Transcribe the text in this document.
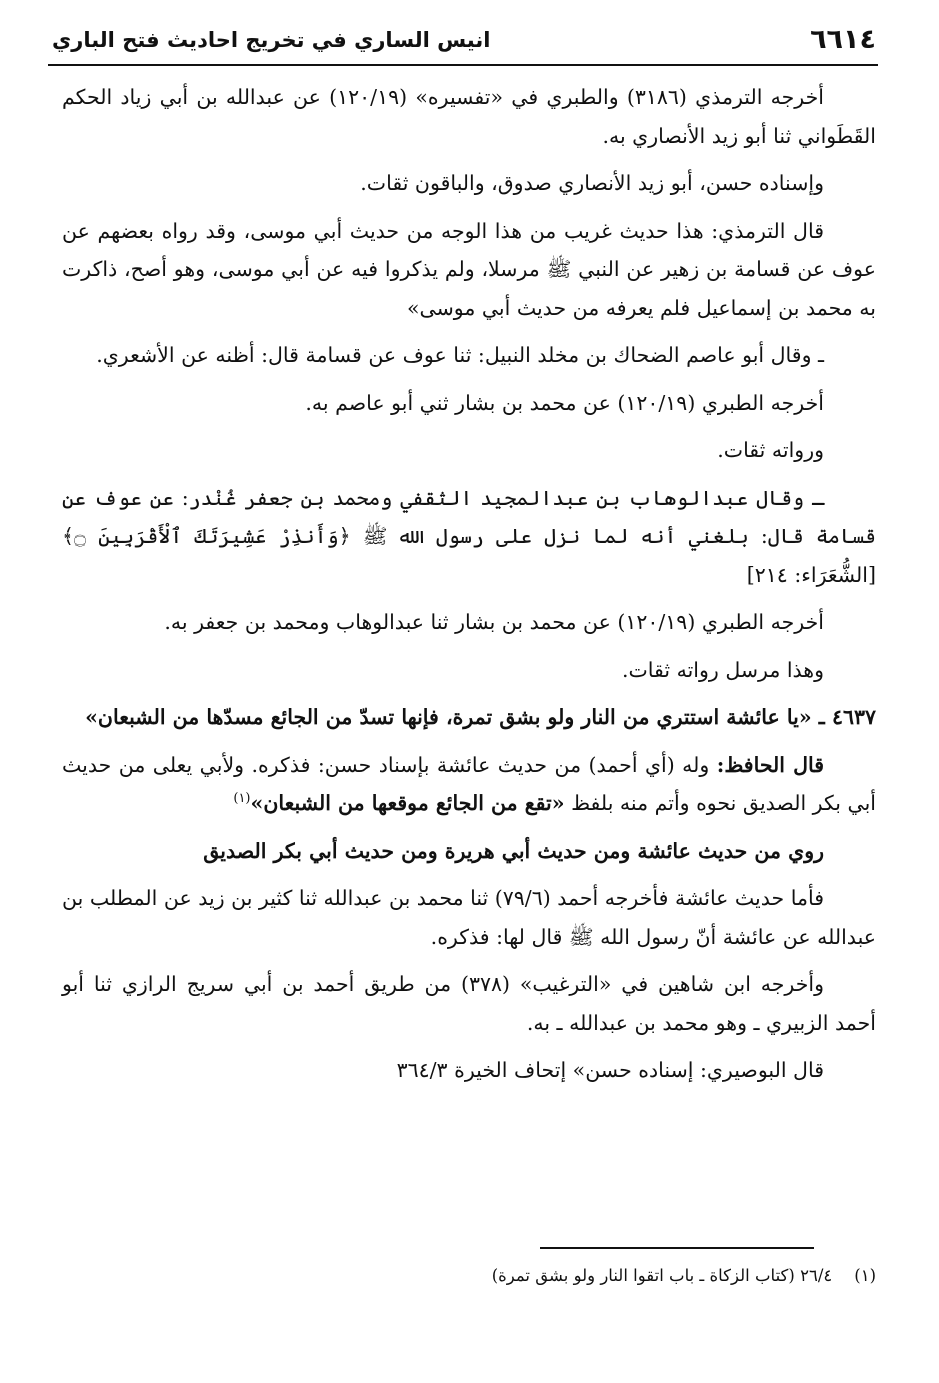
٦٦١٤
انيس الساري في تخريج احاديث فتح الباري

أخرجه الترمذي (٣١٨٦) والطبري في «تفسيره» (١٢٠/١٩) عن عبدالله بن أبي زياد الحكم القَطَواني ثنا أبو زيد الأنصاري به.

وإسناده حسن، أبو زيد الأنصاري صدوق، والباقون ثقات.

قال الترمذي: هذا حديث غريب من هذا الوجه من حديث أبي موسى، وقد رواه بعضهم عن عوف عن قسامة بن زهير عن النبي ﷺ مرسلا، ولم يذكروا فيه عن أبي موسى، وهو أصح، ذاكرت به محمد بن إسماعيل فلم يعرفه من حديث أبي موسى»

ـ وقال أبو عاصم الضحاك بن مخلد النبيل: ثنا عوف عن قسامة قال: أظنه عن الأشعري.

أخرجه الطبري (١٢٠/١٩) عن محمد بن بشار ثني أبو عاصم به.

ورواته ثقات.

ـ وقال عبدالوهاب بن عبدالمجيد الثقفي ومحمد بن جعفر غُنْدر: عن عوف عن قسامة قال: بلغني أنه لما نزل على رسول الله ﷺ ﴿وَأَنذِرْ عَشِيرَتَكَ ٱلْأَقْرَبِينَ ۝﴾ [الشُّعَرَاء: ٢١٤]

أخرجه الطبري (١٢٠/١٩) عن محمد بن بشار ثنا عبدالوهاب ومحمد بن جعفر به.

وهذا مرسل رواته ثقات.

٤٦٣٧ ـ «يا عائشة استتري من النار ولو بشق تمرة، فإنها تسدّ من الجائع مسدّها من الشبعان»

قال الحافظ: وله (أي أحمد) من حديث عائشة بإسناد حسن: فذكره. ولأبي يعلى من حديث أبي بكر الصديق نحوه وأتم منه بلفظ «تقع من الجائع موقعها من الشبعان»$^{(١)}$

روي من حديث عائشة ومن حديث أبي هريرة ومن حديث أبي بكر الصديق

فأما حديث عائشة فأخرجه أحمد (٧٩/٦) ثنا محمد بن عبدالله ثنا كثير بن زيد عن المطلب بن عبدالله عن عائشة أنّ رسول الله ﷺ قال لها: فذكره.

وأخرجه ابن شاهين في «الترغيب» (٣٧٨) من طريق أحمد بن أبي سريج الرازي ثنا أبو أحمد الزبيري ـ وهو محمد بن عبدالله ـ به.

قال البوصيري: إسناده حسن» إتحاف الخيرة ٣٦٤/٣

(١)٢٦/٤ (كتاب الزكاة ـ باب اتقوا النار ولو بشق تمرة)
